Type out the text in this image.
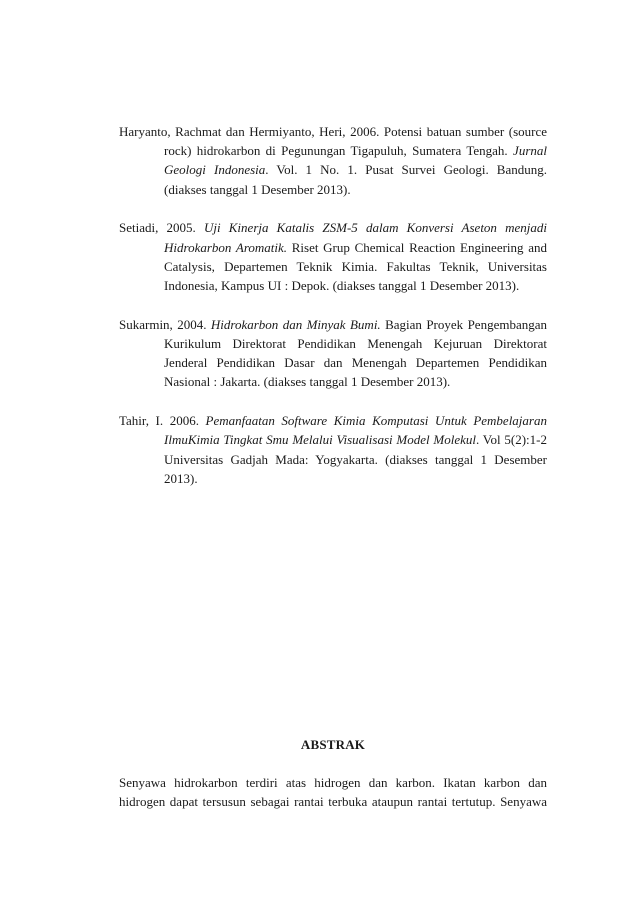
Haryanto, Rachmat dan Hermiyanto, Heri, 2006. Potensi batuan sumber (source rock) hidrokarbon di Pegunungan Tigapuluh, Sumatera Tengah. Jurnal Geologi Indonesia. Vol. 1 No. 1. Pusat Survei Geologi. Bandung. (diakses tanggal 1 Desember 2013).

Setiadi, 2005. Uji Kinerja Katalis ZSM-5 dalam Konversi Aseton menjadi Hidrokarbon Aromatik. Riset Grup Chemical Reaction Engineering and Catalysis, Departemen Teknik Kimia. Fakultas Teknik, Universitas Indonesia, Kampus UI : Depok. (diakses tanggal 1 Desember 2013).

Sukarmin, 2004. Hidrokarbon dan Minyak Bumi. Bagian Proyek Pengembangan Kurikulum Direktorat Pendidikan Menengah Kejuruan Direktorat Jenderal Pendidikan Dasar dan Menengah Departemen Pendidikan Nasional : Jakarta. (diakses tanggal 1 Desember 2013).

Tahir, I. 2006. Pemanfaatan Software Kimia Komputasi Untuk Pembelajaran IlmuKimia Tingkat Smu Melalui Visualisasi Model Molekul. Vol 5(2):1-2 Universitas Gadjah Mada: Yogyakarta. (diakses tanggal 1 Desember 2013).

ABSTRAK

Senyawa hidrokarbon terdiri atas hidrogen dan karbon. Ikatan karbon dan hidrogen dapat tersusun sebagai rantai terbuka ataupun rantai tertutup. Senyawa
